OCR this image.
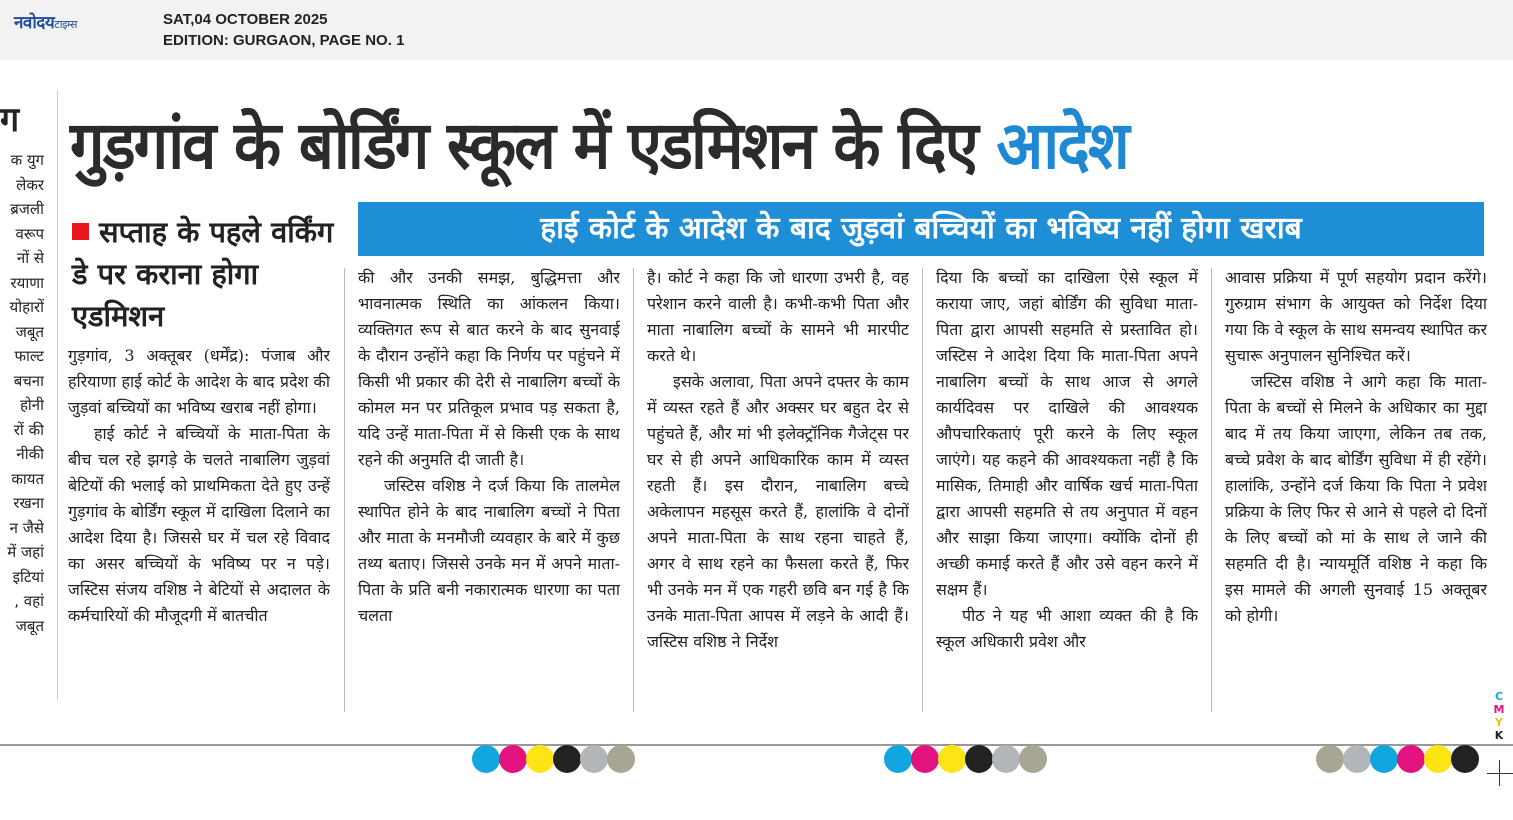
नवोदयटाइम्स	SAT,04 OCTOBER 2025
EDITION: GURGAON, PAGE NO. 1
ग
क युग
लेकर
ब्रजली
वरूप
नों से
रयाणा
योहारों
जबूत
फाल्ट
बचना
होनी
रों की
नीकी
कायत
रखना
न जैसे
में जहां
इटियां
, वहां
जबूत
गुड़गांव के बोर्डिंग स्कूल में एडमिशन के दिए आदेश
हाई कोर्ट के आदेश के बाद जुड़वां बच्चियों का भविष्य नहीं होगा खराब
सप्ताह के पहले वर्किंग डे पर कराना होगा एडमिशन

गुड़गांव, 3 अक्तूबर (धर्मेंद्र): पंजाब और हरियाणा हाई कोर्ट के आदेश के बाद प्रदेश की जुड़वां बच्चियों का भविष्य खराब नहीं होगा।

हाई कोर्ट ने बच्चियों के माता-पिता के बीच चल रहे झगड़े के चलते नाबालिग जुड़वां बेटियों की भलाई को प्राथमिकता देते हुए उन्हें गुड़गांव के बोर्डिंग स्कूल में दाखिला दिलाने का आदेश दिया है। जिससे घर में चल रहे विवाद का असर बच्चियों के भविष्य पर न पड़े। जस्टिस संजय वशिष्ठ ने बेटियों से अदालत के कर्मचारियों की मौजूदगी में बातचीत

की और उनकी समझ, बुद्धिमत्ता और भावनात्मक स्थिति का आंकलन किया। व्यक्तिगत रूप से बात करने के बाद सुनवाई के दौरान उन्होंने कहा कि निर्णय पर पहुंचने में किसी भी प्रकार की देरी से नाबालिग बच्चों के कोमल मन पर प्रतिकूल प्रभाव पड़ सकता है, यदि उन्हें माता-पिता में से किसी एक के साथ रहने की अनुमति दी जाती है।

जस्टिस वशिष्ठ ने दर्ज किया कि तालमेल स्थापित होने के बाद नाबालिग बच्चों ने पिता और माता के मनमौजी व्यवहार के बारे में कुछ तथ्य बताए। जिससे उनके मन में अपने माता-पिता के प्रति बनी नकारात्मक धारणा का पता चलता

है। कोर्ट ने कहा कि जो धारणा उभरी है, वह परेशान करने वाली है। कभी-कभी पिता और माता नाबालिग बच्चों के सामने भी मारपीट करते थे।

इसके अलावा, पिता अपने दफ्तर के काम में व्यस्त रहते हैं और अक्सर घर बहुत देर से पहुंचते हैं, और मां भी इलेक्ट्रॉनिक गैजेट्स पर घर से ही अपने आधिकारिक काम में व्यस्त रहती हैं। इस दौरान, नाबालिग बच्चे अकेलापन महसूस करते हैं, हालांकि वे दोनों अपने माता-पिता के साथ रहना चाहते हैं, अगर वे साथ रहने का फैसला करते हैं, फिर भी उनके मन में एक गहरी छवि बन गई है कि उनके माता-पिता आपस में लड़ने के आदी हैं। जस्टिस वशिष्ठ ने निर्देश

दिया कि बच्चों का दाखिला ऐसे स्कूल में कराया जाए, जहां बोर्डिंग की सुविधा माता-पिता द्वारा आपसी सहमति से प्रस्तावित हो। जस्टिस ने आदेश दिया कि माता-पिता अपने नाबालिग बच्चों के साथ आज से अगले कार्यदिवस पर दाखिले की आवश्यक औपचारिकताएं पूरी करने के लिए स्कूल जाएंगे। यह कहने की आवश्यकता नहीं है कि मासिक, तिमाही और वार्षिक खर्च माता-पिता द्वारा आपसी सहमति से तय अनुपात में वहन और साझा किया जाएगा। क्योंकि दोनों ही अच्छी कमाई करते हैं और उसे वहन करने में सक्षम हैं।

पीठ ने यह भी आशा व्यक्त की है कि स्कूल अधिकारी प्रवेश और

आवास प्रक्रिया में पूर्ण सहयोग प्रदान करेंगे। गुरुग्राम संभाग के आयुक्त को निर्देश दिया गया कि वे स्कूल के साथ समन्वय स्थापित कर सुचारू अनुपालन सुनिश्चित करें।

जस्टिस वशिष्ठ ने आगे कहा कि माता-पिता के बच्चों से मिलने के अधिकार का मुद्दा बाद में तय किया जाएगा, लेकिन तब तक, बच्चे प्रवेश के बाद बोर्डिंग सुविधा में ही रहेंगे। हालांकि, उन्होंने दर्ज किया कि पिता ने प्रवेश प्रक्रिया के लिए फिर से आने से पहले दो दिनों के लिए बच्चों को मां के साथ ले जाने की सहमति दी है। न्यायमूर्ति वशिष्ठ ने कहा कि इस मामले की अगली सुनवाई 15 अक्तूबर को होगी।

C
M
Y
K
